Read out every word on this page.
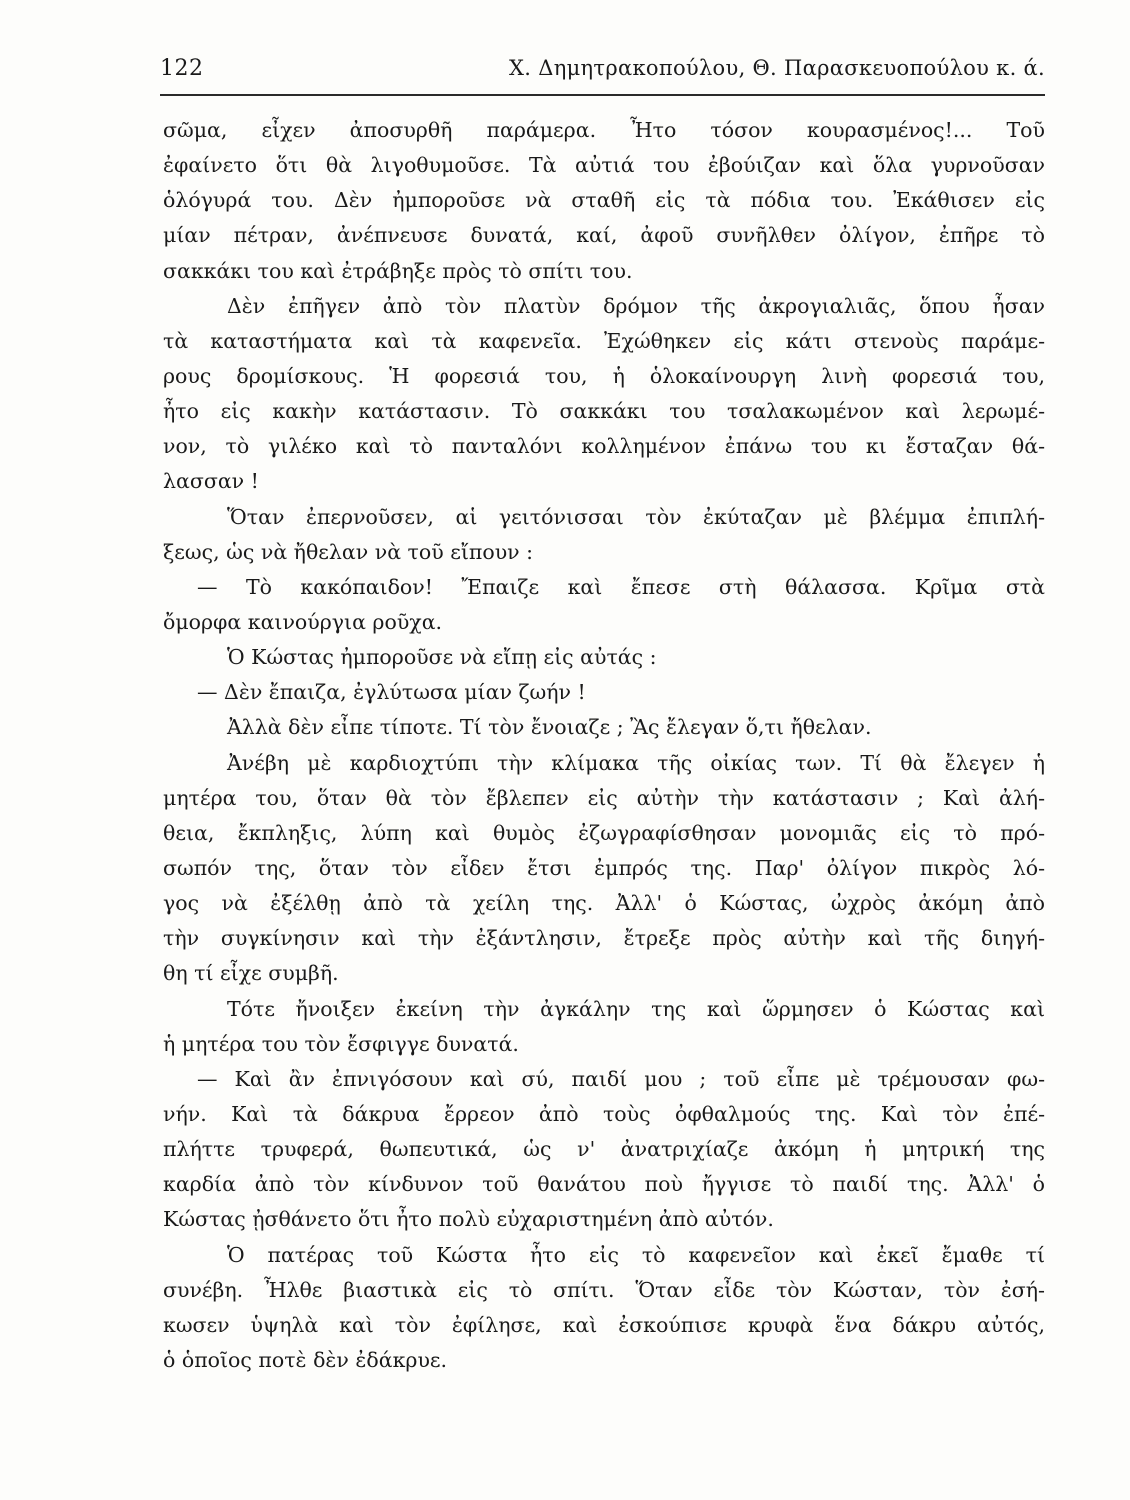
122	Χ. Δημητρακοπούλου, Θ. Παρασκευοπούλου κ. ά.
σῶμα, εἶχεν ἀποσυρθῆ παράμερα. Ἦτο τόσον κουρασμένος!... Τοῦ
ἐφαίνετο ὅτι θὰ λιγοθυμοῦσε. Τὰ αὐτιά του ἐβούιζαν καὶ ὅλα γυρνοῦσαν
ὁλόγυρά του. Δὲν ἠμποροῦσε νὰ σταθῆ εἰς τὰ πόδια του. Ἐκάθισεν εἰς
μίαν πέτραν, ἀνέπνευσε δυνατά, καί, ἀφοῦ συνῆλθεν ὀλίγον, ἐπῆρε τὸ
σακκάκι του καὶ ἐτράβηξε πρὸς τὸ σπίτι του.
Δὲν ἐπῆγεν ἀπὸ τὸν πλατὺν δρόμον τῆς ἀκρογιαλιᾶς, ὅπου ἦσαν
τὰ καταστήματα καὶ τὰ καφενεῖα. Ἐχώθηκεν εἰς κάτι στενοὺς παράμε-
ρους δρομίσκους. Ἡ φορεσιά του, ἡ ὁλοκαίνουργη λινὴ φορεσιά του,
ἦτο εἰς κακὴν κατάστασιν. Τὸ σακκάκι του τσαλακωμένον καὶ λερωμέ-
νον, τὸ γιλέκο καὶ τὸ πανταλόνι κολλημένον ἐπάνω του κι ἔσταζαν θά-
λασσαν !
Ὅταν ἐπερνοῦσεν, αἱ γειτόνισσαι τὸν ἐκύταζαν μὲ βλέμμα ἐπιπλή-
ξεως, ὡς νὰ ἤθελαν νὰ τοῦ εἴπουν :
— Τὸ κακόπαιδον! Ἔπαιζε καὶ ἔπεσε στὴ θάλασσα. Κρῖμα στὰ
ὄμορφα καινούργια ροῦχα.
Ὁ Κώστας ἠμποροῦσε νὰ εἴπῃ εἰς αὐτάς :
— Δὲν ἔπαιζα, ἐγλύτωσα μίαν ζωήν !
Ἀλλὰ δὲν εἶπε τίποτε. Τί τὸν ἔνοιαζε ; Ἂς ἔλεγαν ὅ,τι ἤθελαν.
Ἀνέβη μὲ καρδιοχτύπι τὴν κλίμακα τῆς οἰκίας των. Τί θὰ ἔλεγεν ἡ
μητέρα του, ὅταν θὰ τὸν ἔβλεπεν εἰς αὐτὴν τὴν κατάστασιν ; Καὶ ἀλή-
θεια, ἔκπληξις, λύπη καὶ θυμὸς ἐζωγραφίσθησαν μονομιᾶς εἰς τὸ πρό-
σωπόν της, ὅταν τὸν εἶδεν ἔτσι ἐμπρός της. Παρ' ὀλίγον πικρὸς λό-
γος νὰ ἐξέλθῃ ἀπὸ τὰ χείλη της. Ἀλλ' ὁ Κώστας, ὠχρὸς ἀκόμη ἀπὸ
τὴν συγκίνησιν καὶ τὴν ἐξάντλησιν, ἔτρεξε πρὸς αὐτὴν καὶ τῆς διηγή-
θη τί εἶχε συμβῆ.
Τότε ἤνοιξεν ἐκείνη τὴν ἀγκάλην της καὶ ὥρμησεν ὁ Κώστας καὶ
ἡ μητέρα του τὸν ἔσφιγγε δυνατά.
— Καὶ ἂν ἐπνιγόσουν καὶ σύ, παιδί μου ; τοῦ εἶπε μὲ τρέμουσαν φω-
νήν. Καὶ τὰ δάκρυα ἔρρεον ἀπὸ τοὺς ὀφθαλμούς της. Καὶ τὸν ἐπέ-
πλήττε τρυφερά, θωπευτικά, ὡς ν' ἀνατριχίαζε ἀκόμη ἡ μητρική της
καρδία ἀπὸ τὸν κίνδυνον τοῦ θανάτου ποὺ ἤγγισε τὸ παιδί της. Ἀλλ' ὁ
Κώστας ᾐσθάνετο ὅτι ἦτο πολὺ εὐχαριστημένη ἀπὸ αὐτόν.
Ὁ πατέρας τοῦ Κώστα ἦτο εἰς τὸ καφενεῖον καὶ ἐκεῖ ἔμαθε τί
συνέβη. Ἦλθε βιαστικὰ εἰς τὸ σπίτι. Ὅταν εἶδε τὸν Κώσταν, τὸν ἐσή-
κωσεν ὑψηλὰ καὶ τὸν ἐφίλησε, καὶ ἐσκούπισε κρυφὰ ἕνα δάκρυ αὐτός,
ὁ ὁποῖος ποτὲ δὲν ἐδάκρυε.
